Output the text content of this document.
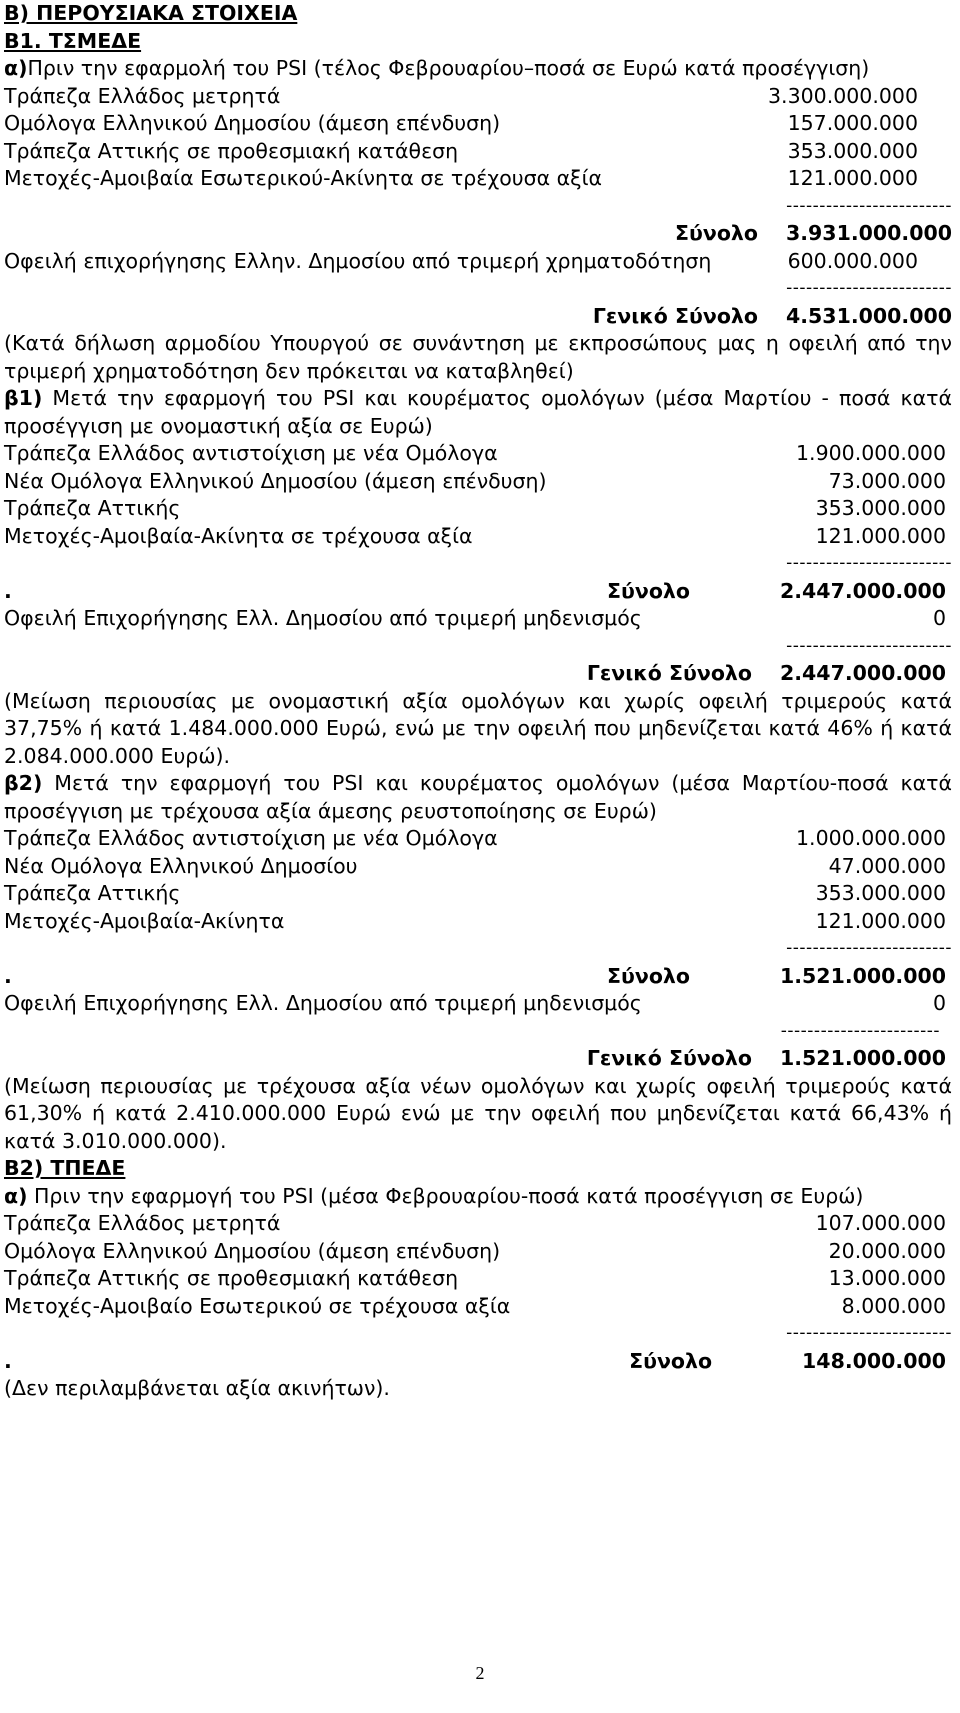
B) ΠΕΡΟΥΣΙΑΚΑ ΣΤΟΙΧΕΙΑ
B1. ΤΣΜΕΔΕ
α)Πριν την εφαρμολή του PSI (τέλος Φεβρουαρίου–ποσά σε Ευρώ κατά προσέγγιση)
Τράπεζα Ελλάδος μετρητά	3.300.000.000
Ομόλογα Ελληνικού Δημοσίου (άμεση επένδυση)	157.000.000
Τράπεζα Αττικής σε προθεσμιακή κατάθεση	353.000.000
Μετοχές-Αμοιβαία Εσωτερικού-Ακίνητα σε τρέχουσα αξία	121.000.000
-------------------------
Σύνολο 3.931.000.000
Οφειλή επιχορήγησης Ελλην. Δημοσίου από τριμερή χρηματοδότηση	600.000.000
-------------------------
Γενικό Σύνολο 4.531.000.000
(Κατά δήλωση αρμοδίου Υπουργού σε συνάντηση με εκπροσώπους μας η οφειλή από την τριμερή χρηματοδότηση δεν πρόκειται να καταβληθεί)
β1) Μετά την εφαρμογή του PSI και κουρέματος ομολόγων (μέσα Μαρτίου - ποσά κατά προσέγγιση με ονομαστική αξία σε Ευρώ)
Τράπεζα Ελλάδος αντιστοίχιση με νέα Ομόλογα	1.900.000.000
Νέα Ομόλογα Ελληνικού Δημοσίου (άμεση επένδυση)	73.000.000
Τράπεζα Αττικής	353.000.000
Μετοχές-Αμοιβαία-Ακίνητα σε τρέχουσα αξία	121.000.000
-------------------------
.	Σύνολο	2.447.000.000
Οφειλή Επιχορήγησης Ελλ. Δημοσίου από τριμερή μηδενισμός	0
-------------------------
Γενικό Σύνολο 2.447.000.000
(Μείωση περιουσίας με ονομαστική αξία ομολόγων και χωρίς οφειλή τριμερούς κατά 37,75% ή κατά 1.484.000.000 Ευρώ, ενώ με την οφειλή που μηδενίζεται κατά 46% ή κατά 2.084.000.000 Ευρώ).
β2) Μετά την εφαρμογή του PSI και κουρέματος ομολόγων (μέσα Μαρτίου-ποσά κατά προσέγγιση με τρέχουσα αξία άμεσης ρευστοποίησης σε Ευρώ)
Τράπεζα Ελλάδος αντιστοίχιση με νέα Ομόλογα	1.000.000.000
Νέα Ομόλογα Ελληνικού Δημοσίου	47.000.000
Τράπεζα Αττικής	353.000.000
Μετοχές-Αμοιβαία-Ακίνητα	121.000.000
-------------------------
.	Σύνολο	1.521.000.000
Οφειλή Επιχορήγησης Ελλ. Δημοσίου από τριμερή μηδενισμός	0
------------------------
Γενικό Σύνολο 1.521.000.000
(Μείωση περιουσίας με τρέχουσα αξία νέων ομολόγων και χωρίς οφειλή τριμερούς κατά 61,30% ή κατά 2.410.000.000 Ευρώ ενώ με την οφειλή που μηδενίζεται κατά 66,43% ή κατά 3.010.000.000).
B2) ΤΠΕΔΕ
α) Πριν την εφαρμογή του PSI (μέσα Φεβρουαρίου-ποσά κατά προσέγγιση σε Ευρώ)
Τράπεζα Ελλάδος μετρητά	107.000.000
Ομόλογα Ελληνικού Δημοσίου (άμεση επένδυση)	20.000.000
Τράπεζα Αττικής σε προθεσμιακή κατάθεση	13.000.000
Μετοχές-Αμοιβαίο Εσωτερικού σε τρέχουσα αξία	8.000.000
-------------------------
.	Σύνολο	148.000.000
(Δεν περιλαμβάνεται αξία ακινήτων).
2
